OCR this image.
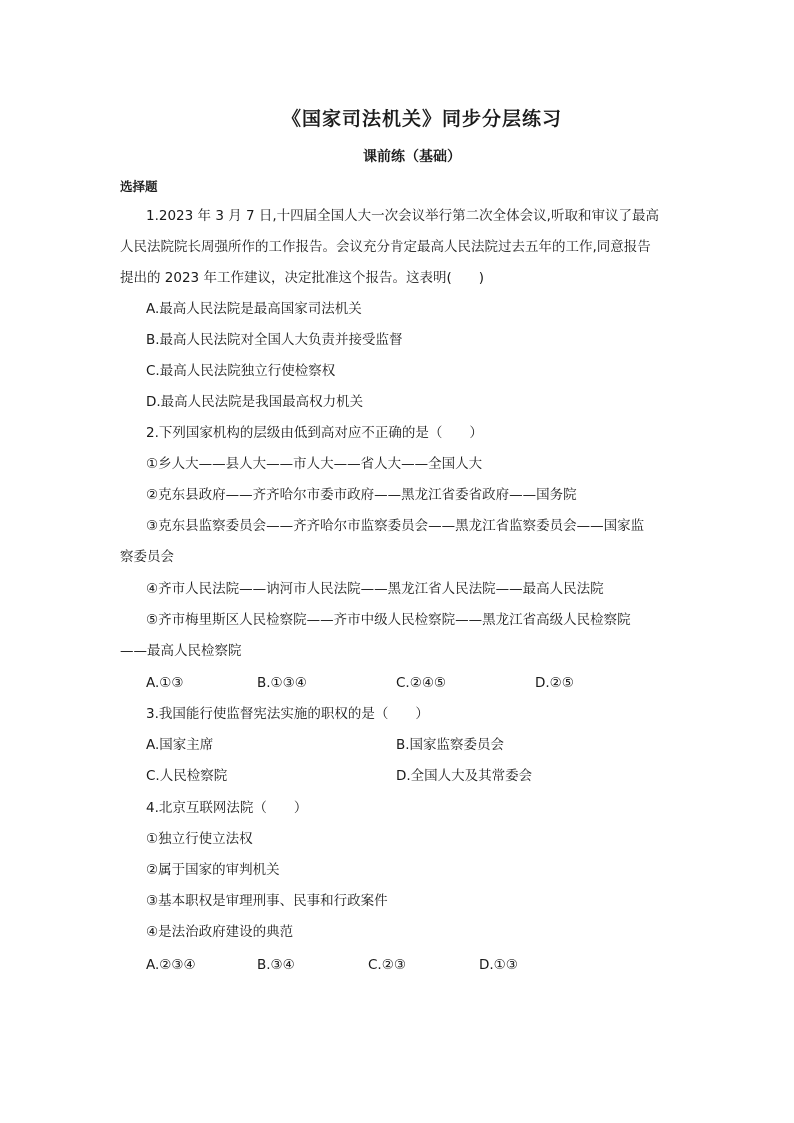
《国家司法机关》同步分层练习
课前练（基础）
选择题
1.2023 年 3 月 7 日,十四届全国人大一次会议举行第二次全体会议,听取和审议了最高
人民法院院长周强所作的工作报告。会议充分肯定最高人民法院过去五年的工作,同意报告
提出的 2023 年工作建议，决定批准这个报告。这表明(　　)
A.最高人民法院是最高国家司法机关
B.最高人民法院对全国人大负责并接受监督
C.最高人民法院独立行使检察权
D.最高人民法院是我国最高权力机关
2.下列国家机构的层级由低到高对应不正确的是（　　）
①乡人大——县人大——市人大——省人大——全国人大
②克东县政府——齐齐哈尔市委市政府——黑龙江省委省政府——国务院
③克东县监察委员会——齐齐哈尔市监察委员会——黑龙江省监察委员会——国家监
察委员会
④齐市人民法院——讷河市人民法院——黑龙江省人民法院——最高人民法院
⑤齐市梅里斯区人民检察院——齐市中级人民检察院——黑龙江省高级人民检察院
——最高人民检察院
A.①③	B.①③④	C.②④⑤	D.②⑤
3.我国能行使监督宪法实施的职权的是（　　）
A.国家主席	B.国家监察委员会
C.人民检察院	D.全国人大及其常委会
4.北京互联网法院（　　）
①独立行使立法权
②属于国家的审判机关
③基本职权是审理刑事、民事和行政案件
④是法治政府建设的典范
A.②③④	B.③④	C.②③	D.①③
